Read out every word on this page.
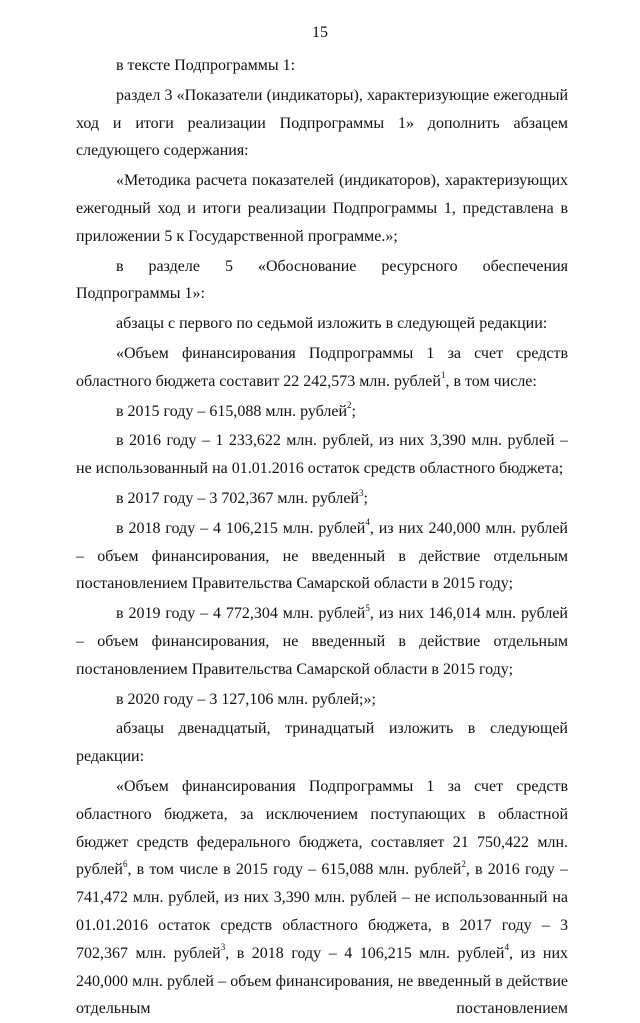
15

в тексте Подпрограммы 1:

раздел 3 «Показатели (индикаторы), характеризующие ежегодный ход и итоги реализации Подпрограммы 1» дополнить абзацем следующего содержания:

«Методика расчета показателей (индикаторов), характеризующих ежегодный ход и итоги реализации Подпрограммы 1, представлена в приложении 5 к Государственной программе.»;

в разделе 5 «Обоснование ресурсного обеспечения Подпрограммы 1»:

абзацы с первого по седьмой изложить в следующей редакции:

«Объем финансирования Подпрограммы 1 за счет средств областного бюджета составит 22 242,573 млн. рублей$^1$, в том числе:

в 2015 году – 615,088 млн. рублей$^2$;

в 2016 году – 1 233,622 млн. рублей, из них 3,390 млн. рублей – не использованный на 01.01.2016 остаток средств областного бюджета;

в 2017 году – 3 702,367 млн. рублей$^3$;

в 2018 году – 4 106,215 млн. рублей$^4$, из них 240,000 млн. рублей – объем финансирования, не введенный в действие отдельным постановлением Правительства Самарской области в 2015 году;

в 2019 году – 4 772,304 млн. рублей$^5$, из них 146,014 млн. рублей – объем финансирования, не введенный в действие отдельным постановлением Правительства Самарской области в 2015 году;

в 2020 году – 3 127,106 млн. рублей;»;

абзацы двенадцатый, тринадцатый изложить в следующей редакции:

«Объем финансирования Подпрограммы 1 за счет средств областного бюджета, за исключением поступающих в областной бюджет средств федерального бюджета, составляет 21 750,422 млн. рублей$^6$, в том числе в 2015 году – 615,088 млн. рублей$^2$, в 2016 году – 741,472 млн. рублей, из них 3,390 млн. рублей – не использованный на 01.01.2016 остаток средств областного бюджета, в 2017 году – 3 702,367 млн. рублей$^3$, в 2018 году – 4 106,215 млн. рублей$^4$, из них 240,000 млн. рублей – объем финансирования, не введенный в действие отдельным постановлением
